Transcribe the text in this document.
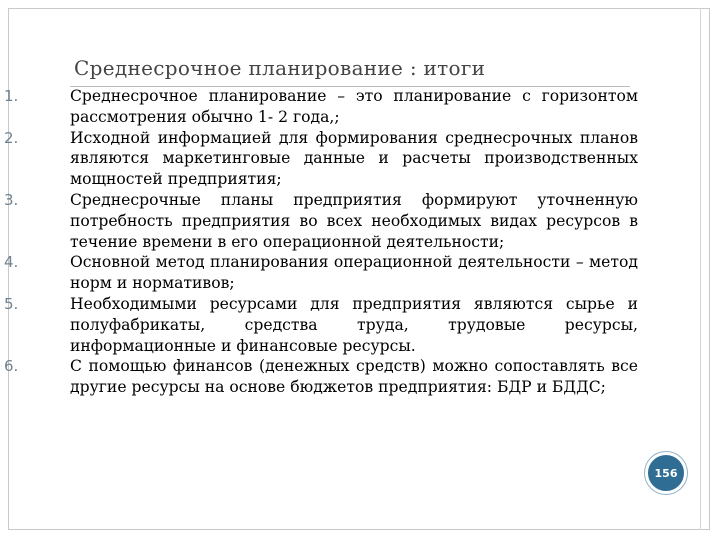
Среднесрочное планирование : итоги
1.	Среднесрочное планирование – это планирование с горизонтом рассмотрения обычно 1- 2 года,;
2.	Исходной информацией для формирования среднесрочных планов являются маркетинговые данные и расчеты производственных мощностей предприятия;
3.	Среднесрочные планы предприятия формируют уточненную потребность предприятия во всех необходимых видах ресурсов в течение времени в его операционной деятельности;
4.	Основной метод планирования операционной деятельности – метод норм и нормативов;
5.	Необходимыми ресурсами для предприятия являются сырье и полуфабрикаты, средства труда, трудовые ресурсы, информационные и финансовые ресурсы.
6.	С помощью финансов (денежных средств) можно сопоставлять все другие ресурсы на основе бюджетов предприятия: БДР и БДДС;
156
